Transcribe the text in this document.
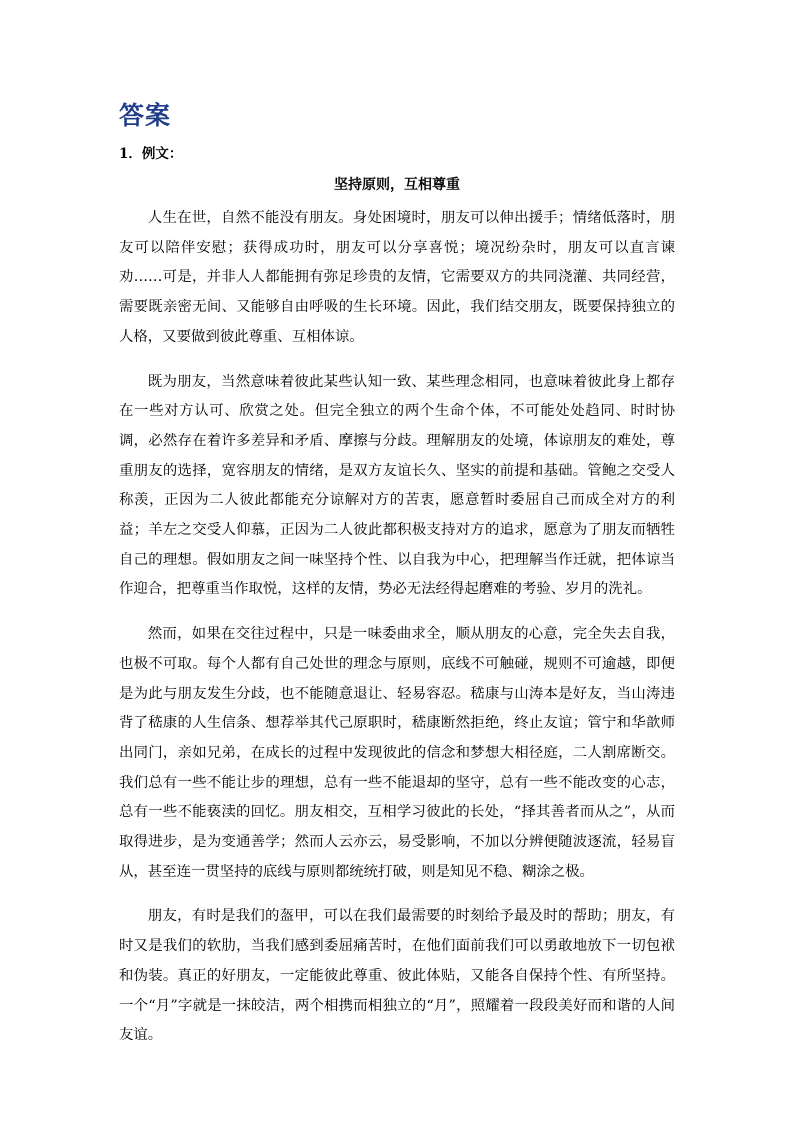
答案

1．例文：

坚持原则，互相尊重

人生在世，自然不能没有朋友。身处困境时，朋友可以伸出援手；情绪低落时，朋友可以陪伴安慰；获得成功时，朋友可以分享喜悦；境况纷杂时，朋友可以直言谏劝……可是，并非人人都能拥有弥足珍贵的友情，它需要双方的共同浇灌、共同经营，需要既亲密无间、又能够自由呼吸的生长环境。因此，我们结交朋友，既要保持独立的人格，又要做到彼此尊重、互相体谅。

既为朋友，当然意味着彼此某些认知一致、某些理念相同，也意味着彼此身上都存在一些对方认可、欣赏之处。但完全独立的两个生命个体，不可能处处趋同、时时协调，必然存在着许多差异和矛盾、摩擦与分歧。理解朋友的处境，体谅朋友的难处，尊重朋友的选择，宽容朋友的情绪，是双方友谊长久、坚实的前提和基础。管鲍之交受人称羡，正因为二人彼此都能充分谅解对方的苦衷，愿意暂时委屈自己而成全对方的利益；羊左之交受人仰慕，正因为二人彼此都积极支持对方的追求，愿意为了朋友而牺牲自己的理想。假如朋友之间一味坚持个性、以自我为中心，把理解当作迁就，把体谅当作迎合，把尊重当作取悦，这样的友情，势必无法经得起磨难的考验、岁月的洗礼。

然而，如果在交往过程中，只是一味委曲求全，顺从朋友的心意，完全失去自我，也极不可取。每个人都有自己处世的理念与原则，底线不可触碰，规则不可逾越，即便是为此与朋友发生分歧，也不能随意退让、轻易容忍。嵇康与山涛本是好友，当山涛违背了嵇康的人生信条、想荐举其代己原职时，嵇康断然拒绝，终止友谊；管宁和华歆师出同门，亲如兄弟，在成长的过程中发现彼此的信念和梦想大相径庭，二人割席断交。我们总有一些不能让步的理想，总有一些不能退却的坚守，总有一些不能改变的心志，总有一些不能亵渎的回忆。朋友相交，互相学习彼此的长处，“择其善者而从之”，从而取得进步，是为变通善学；然而人云亦云，易受影响，不加以分辨便随波逐流，轻易盲从，甚至连一贯坚持的底线与原则都统统打破，则是知见不稳、糊涂之极。

朋友，有时是我们的盔甲，可以在我们最需要的时刻给予最及时的帮助；朋友，有时又是我们的软肋，当我们感到委屈痛苦时，在他们面前我们可以勇敢地放下一切包袱和伪装。真正的好朋友，一定能彼此尊重、彼此体贴，又能各自保持个性、有所坚持。一个“月”字就是一抹皎洁，两个相携而相独立的“月”，照耀着一段段美好而和谐的人间友谊。
